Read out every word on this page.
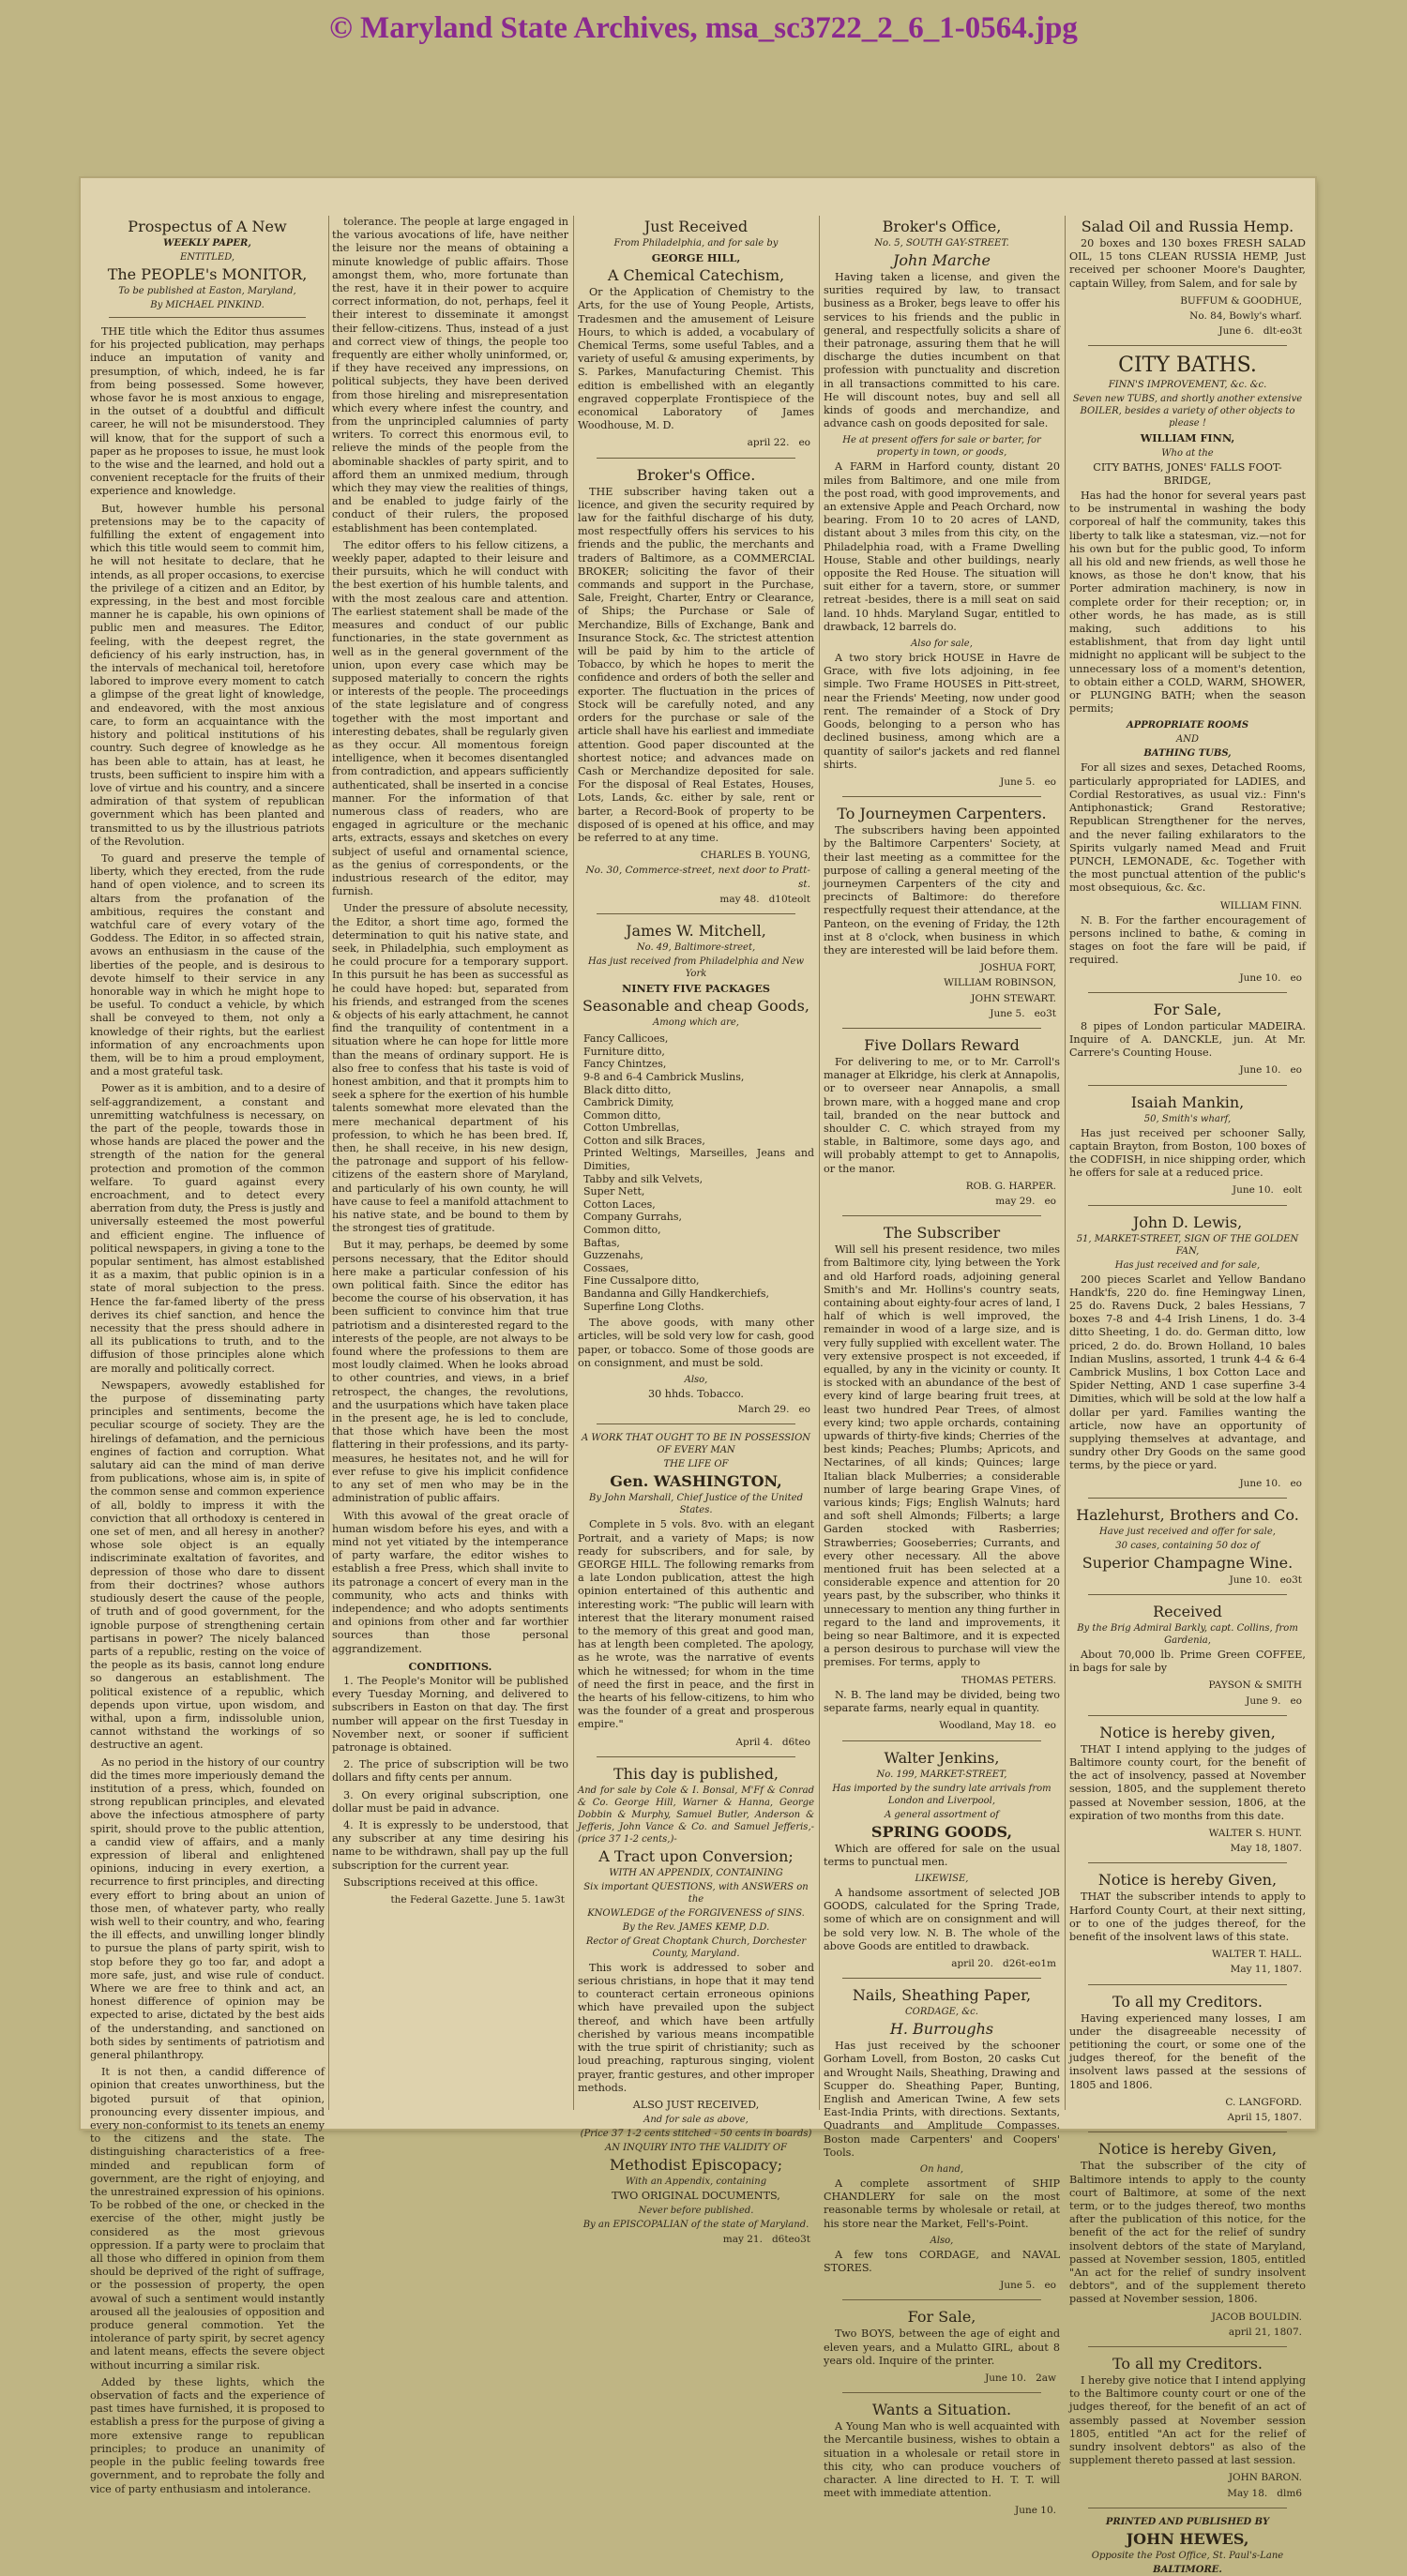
© Maryland State Archives, msa_sc3722_2_6_1-0564.jpg
Prospectus of A New
WEEKLY PAPER,
ENTITLED,
The PEOPLE's MONITOR,
To be published at Easton, Maryland,
By MICHAEL PINKIND.

THE title which the Editor thus assumes for his projected publication, may perhaps induce an imputation of vanity and presumption, of which, indeed, he is far from being possessed. Some however, whose favor he is most anxious to engage, in the outset of a doubtful and difficult career, he will not be misunderstood. They will know, that for the support of such a paper as he proposes to issue, he must look to the wise and the learned, and hold out a convenient receptacle for the fruits of their experience and knowledge.

But, however humble his personal pretensions may be to the capacity of fulfilling the extent of engagement into which this title would seem to commit him, he will not hesitate to declare, that he intends, as all proper occasions, to exercise the privilege of a citizen and an Editor, by expressing, in the best and most forcible manner he is capable, his own opinions of public men and measures. The Editor, feeling, with the deepest regret, the deficiency of his early instruction, has, in the intervals of mechanical toil, heretofore labored to improve every moment to catch a glimpse of the great light of knowledge, and endeavored, with the most anxious care, to form an acquaintance with the history and political institutions of his country. Such degree of knowledge as he has been able to attain, has at least, he trusts, been sufficient to inspire him with a love of virtue and his country, and a sincere admiration of that system of republican government which has been planted and transmitted to us by the illustrious patriots of the Revolution.

To guard and preserve the temple of liberty, which they erected, from the rude hand of open violence, and to screen its altars from the profanation of the ambitious, requires the constant and watchful care of every votary of the Goddess. The Editor, in so affected strain, avows an enthusiasm in the cause of the liberties of the people, and is desirous to devote himself to their service in any honorable way in which he might hope to be useful. To conduct a vehicle, by which shall be conveyed to them, not only a knowledge of their rights, but the earliest information of any encroachments upon them, will be to him a proud employment, and a most grateful task.

Power as it is ambition, and to a desire of self-aggrandizement, a constant and unremitting watchfulness is necessary, on the part of the people, towards those in whose hands are placed the power and the strength of the nation for the general protection and promotion of the common welfare. To guard against every encroachment, and to detect every aberration from duty, the Press is justly and universally esteemed the most powerful and efficient engine. The influence of political newspapers, in giving a tone to the popular sentiment, has almost established it as a maxim, that public opinion is in a state of moral subjection to the press. Hence the far-famed liberty of the press derives its chief sanction, and hence the necessity that the press should adhere in all its publications to truth, and to the diffusion of those principles alone which are morally and politically correct.

Newspapers, avowedly established for the purpose of disseminating party principles and sentiments, become the peculiar scourge of society. They are the hirelings of defamation, and the pernicious engines of faction and corruption. What salutary aid can the mind of man derive from publications, whose aim is, in spite of the common sense and common experience of all, boldly to impress it with the conviction that all orthodoxy is centered in one set of men, and all heresy in another? whose sole object is an equally indiscriminate exaltation of favorites, and depression of those who dare to dissent from their doctrines? whose authors studiously desert the cause of the people, of truth and of good government, for the ignoble purpose of strengthening certain partisans in power? The nicely balanced parts of a republic, resting on the voice of the people as its basis, cannot long endure so dangerous an establishment. The political existence of a republic, which depends upon virtue, upon wisdom, and withal, upon a firm, indissoluble union, cannot withstand the workings of so destructive an agent.

As no period in the history of our country did the times more imperiously demand the institution of a press, which, founded on strong republican principles, and elevated above the infectious atmosphere of party spirit, should prove to the public attention, a candid view of affairs, and a manly expression of liberal and enlightened opinions, inducing in every exertion, a recurrence to first principles, and directing every effort to bring about an union of those men, of whatever party, who really wish well to their country, and who, fearing the ill effects, and unwilling longer blindly to pursue the plans of party spirit, wish to stop before they go too far, and adopt a more safe, just, and wise rule of conduct. Where we are free to think and act, an honest difference of opinion may be expected to arise, dictated by the best aids of the understanding, and sanctioned on both sides by sentiments of patriotism and general philanthropy.

It is not then, a candid difference of opinion that creates unworthiness, but the bigoted pursuit of that opinion, pronouncing every dissenter impious, and every non-conformist to its tenets an enemy to the citizens and the state. The distinguishing characteristics of a free-minded and republican form of government, are the right of enjoying, and the unrestrained expression of his opinions. To be robbed of the one, or checked in the exercise of the other, might justly be considered as the most grievous oppression. If a party were to proclaim that all those who differed in opinion from them should be deprived of the right of suffrage, or the possession of property, the open avowal of such a sentiment would instantly aroused all the jealousies of opposition and produce general commotion. Yet the intolerance of party spirit, by secret agency and latent means, effects the severe object without incurring a similar risk.

Added by these lights, which the observation of facts and the experience of past times have furnished, it is proposed to establish a press for the purpose of giving a more extensive range to republican principles; to produce an unanimity of people in the public feeling towards free government, and to reprobate the folly and vice of party enthusiasm and intolerance.

tolerance. The people at large engaged in the various avocations of life, have neither the leisure nor the means of obtaining a minute knowledge of public affairs. Those amongst them, who, more fortunate than the rest, have it in their power to acquire correct information, do not, perhaps, feel it their interest to disseminate it amongst their fellow-citizens. Thus, instead of a just and correct view of things, the people too frequently are either wholly uninformed, or, if they have received any impressions, on political subjects, they have been derived from those hireling and misrepresentation which every where infest the country, and from the unprincipled calumnies of party writers. To correct this enormous evil, to relieve the minds of the people from the abominable shackles of party spirit, and to afford them an unmixed medium, through which they may view the realities of things, and be enabled to judge fairly of the conduct of their rulers, the proposed establishment has been contemplated.

The editor offers to his fellow citizens, a weekly paper, adapted to their leisure and their pursuits, which he will conduct with the best exertion of his humble talents, and with the most zealous care and attention. The earliest statement shall be made of the measures and conduct of our public functionaries, in the state government as well as in the general government of the union, upon every case which may be supposed materially to concern the rights or interests of the people. The proceedings of the state legislature and of congress together with the most important and interesting debates, shall be regularly given as they occur. All momentous foreign intelligence, when it becomes disentangled from contradiction, and appears sufficiently authenticated, shall be inserted in a concise manner. For the information of that numerous class of readers, who are engaged in agriculture or the mechanic arts, extracts, essays and sketches on every subject of useful and ornamental science, as the genius of correspondents, or the industrious research of the editor, may furnish.

Under the pressure of absolute necessity, the Editor, a short time ago, formed the determination to quit his native state, and seek, in Philadelphia, such employment as he could procure for a temporary support. In this pursuit he has been as successful as he could have hoped: but, separated from his friends, and estranged from the scenes & objects of his early attachment, he cannot find the tranquility of contentment in a situation where he can hope for little more than the means of ordinary support. He is also free to confess that his taste is void of honest ambition, and that it prompts him to seek a sphere for the exertion of his humble talents somewhat more elevated than the mere mechanical department of his profession, to which he has been bred. If, then, he shall receive, in his new design, the patronage and support of his fellow-citizens of the eastern shore of Maryland, and particularly of his own county, he will have cause to feel a manifold attachment to his native state, and be bound to them by the strongest ties of gratitude.

But it may, perhaps, be deemed by some persons necessary, that the Editor should here make a particular confession of his own political faith. Since the editor has become the course of his observation, it has been sufficient to convince him that true patriotism and a disinterested regard to the interests of the people, are not always to be found where the professions to them are most loudly claimed. When he looks abroad to other countries, and views, in a brief retrospect, the changes, the revolutions, and the usurpations which have taken place in the present age, he is led to conclude, that those which have been the most flattering in their professions, and its party-measures, he hesitates not, and he will for ever refuse to give his implicit confidence to any set of men who may be in the administration of public affairs.

With this avowal of the great oracle of human wisdom before his eyes, and with a mind not yet vitiated by the intemperance of party warfare, the editor wishes to establish a free Press, which shall invite to its patronage a concert of every man in the community, who acts and thinks with independence; and who adopts sentiments and opinions from other and far worthier sources than those personal aggrandizement.

CONDITIONS.

1. The People's Monitor will be published every Tuesday Morning, and delivered to subscribers in Easton on that day. The first number will appear on the first Tuesday in November next, or sooner if sufficient patronage is obtained.

2. The price of subscription will be two dollars and fifty cents per annum.

3. On every original subscription, one dollar must be paid in advance.

4. It is expressly to be understood, that any subscriber at any time desiring his name to be withdrawn, shall pay up the full subscription for the current year.

Subscriptions received at this office.

the Federal Gazette. June 5. 1aw3t
Just Received
From Philadelphia, and for sale by
GEORGE HILL,
A Chemical Catechism,

Or the Application of Chemistry to the Arts, for the use of Young People, Artists, Tradesmen and the amusement of Leisure Hours, to which is added, a vocabulary of Chemical Terms, some useful Tables, and a variety of useful & amusing experiments, by S. Parkes, Manufacturing Chemist. This edition is embellished with an elegantly engraved copperplate Frontispiece of the economical Laboratory of James Woodhouse, M. D.

april 22. eo
Broker's Office.

THE subscriber having taken out a licence, and given the security required by law for the faithful discharge of his duty, most respectfully offers his services to his friends and the public, the merchants and traders of Baltimore, as a COMMERCIAL BROKER; soliciting the favor of their commands and support in the Purchase, Sale, Freight, Charter, Entry or Clearance, of Ships; the Purchase or Sale of Merchandize, Bills of Exchange, Bank and Insurance Stock, &c. The strictest attention will be paid by him to the article of Tobacco, by which he hopes to merit the confidence and orders of both the seller and exporter. The fluctuation in the prices of Stock will be carefully noted, and any orders for the purchase or sale of the article shall have his earliest and immediate attention. Good paper discounted at the shortest notice; and advances made on Cash or Merchandize deposited for sale. For the disposal of Real Estates, Houses, Lots, Lands, &c. either by sale, rent or barter, a Record-Book of property to be disposed of is opened at his office, and may be referred to at any time.

CHARLES B. YOUNG,
No. 30, Commerce-street, next door to Pratt-st.
may 48. d10teolt
James W. Mitchell,
No. 49, Baltimore-street,
Has just received from Philadelphia and New York
NINETY FIVE PACKAGES
Seasonable and cheap Goods,
Among which are,
Fancy Callicoes,
Furniture ditto,
Fancy Chintzes,
9-8 and 6-4 Cambrick Muslins,
Black ditto ditto,
Cambrick Dimity,
Common ditto,
Cotton Umbrellas,
Cotton and silk Braces,
Printed Weltings, Marseilles, Jeans and Dimities,
Tabby and silk Velvets,
Super Nett,
Cotton Laces,
Company Gurrahs,
Common ditto,
Baftas,
Guzzenahs,
Cossaes,
Fine Cussalpore ditto,
Bandanna and Gilly Handkerchiefs,
Superfine Long Cloths.

The above goods, with many other articles, will be sold very low for cash, good paper, or tobacco. Some of those goods are on consignment, and must be sold.

Also,
30 hhds. Tobacco.
March 29. eo
A WORK THAT OUGHT TO BE IN POSSESSION OF EVERY MAN
THE LIFE OF
Gen. WASHINGTON,
By John Marshall, Chief Justice of the United States.

Complete in 5 vols. 8vo. with an elegant Portrait, and a variety of Maps; is now ready for subscribers, and for sale, by GEORGE HILL. The following remarks from a late London publication, attest the high opinion entertained of this authentic and interesting work: "The public will learn with interest that the literary monument raised to the memory of this great and good man, has at length been completed. The apology, as he wrote, was the narrative of events which he witnessed; for whom in the time of need the first in peace, and the first in the hearts of his fellow-citizens, to him who was the founder of a great and prosperous empire."

April 4. d6teo
This day is published,
And for sale by Cole & I. Bonsal, M'Ff & Conrad & Co. George Hill, Warner & Hanna, George Dobbin & Murphy, Samuel Butler, Anderson & Jefferis, John Vance & Co. and Samuel Jefferis,- (price 37 1-2 cents,)-
A Tract upon Conversion;
WITH AN APPENDIX, CONTAINING
Six important QUESTIONS, with ANSWERS on the
KNOWLEDGE of the FORGIVENESS of SINS.
By the Rev. JAMES KEMP, D.D.
Rector of Great Choptank Church, Dorchester County, Maryland.

This work is addressed to sober and serious christians, in hope that it may tend to counteract certain erroneous opinions which have prevailed upon the subject thereof, and which have been artfully cherished by various means incompatible with the true spirit of christianity; such as loud preaching, rapturous singing, violent prayer, frantic gestures, and other improper methods.

ALSO JUST RECEIVED,
And for sale as above,
(Price 37 1-2 cents stitched - 50 cents in boards)
AN INQUIRY INTO THE VALIDITY OF
Methodist Episcopacy;
With an Appendix, containing
TWO ORIGINAL DOCUMENTS,
Never before published.
By an EPISCOPALIAN of the state of Maryland.
may 21. d6teo3t
Broker's Office,
No. 5, SOUTH GAY-STREET.
John Marche

Having taken a license, and given the surities required by law, to transact business as a Broker, begs leave to offer his services to his friends and the public in general, and respectfully solicits a share of their patronage, assuring them that he will discharge the duties incumbent on that profession with punctuality and discretion in all transactions committed to his care. He will discount notes, buy and sell all kinds of goods and merchandize, and advance cash on goods deposited for sale.

He at present offers for sale or barter, for property in town, or goods,

A FARM in Harford county, distant 20 miles from Baltimore, and one mile from the post road, with good improvements, and an extensive Apple and Peach Orchard, now bearing. From 10 to 20 acres of LAND, distant about 3 miles from this city, on the Philadelphia road, with a Frame Dwelling House, Stable and other buildings, nearly opposite the Red House. The situation will suit either for a tavern, store, or summer retreat -besides, there is a mill seat on said land. 10 hhds. Maryland Sugar, entitled to drawback, 12 barrels do.

Also for sale,

A two story brick HOUSE in Havre de Grace, with five lots adjoining, in fee simple. Two Frame HOUSES in Pitt-street, near the Friends' Meeting, now under good rent. The remainder of a Stock of Dry Goods, belonging to a person who has declined business, among which are a quantity of sailor's jackets and red flannel shirts.

June 5. eo
To Journeymen Carpenters.

The subscribers having been appointed by the Baltimore Carpenters' Society, at their last meeting as a committee for the purpose of calling a general meeting of the journeymen Carpenters of the city and precincts of Baltimore: do therefore respectfully request their attendance, at the Panteon, on the evening of Friday, the 12th inst at 8 o'clock, when business in which they are interested will be laid before them.

JOSHUA FORT,
WILLIAM ROBINSON,
JOHN STEWART.
June 5. eo3t
Five Dollars Reward

For delivering to me, or to Mr. Carroll's manager at Elkridge, his clerk at Annapolis, or to overseer near Annapolis, a small brown mare, with a hogged mane and crop tail, branded on the near buttock and shoulder C. C. which strayed from my stable, in Baltimore, some days ago, and will probably attempt to get to Annapolis, or the manor.

ROB. G. HARPER.
may 29. eo
The Subscriber

Will sell his present residence, two miles from Baltimore city, lying between the York and old Harford roads, adjoining general Smith's and Mr. Hollins's country seats, containing about eighty-four acres of land, I half of which is well improved, the remainder in wood of a large size, and is very fully supplied with excellent water. The very extensive prospect is not exceeded, if equalled, by any in the vicinity or county. It is stocked with an abundance of the best of every kind of large bearing fruit trees, at least two hundred Pear Trees, of almost every kind; two apple orchards, containing upwards of thirty-five kinds; Cherries of the best kinds; Peaches; Plumbs; Apricots, and Nectarines, of all kinds; Quinces; large Italian black Mulberries; a considerable number of large bearing Grape Vines, of various kinds; Figs; English Walnuts; hard and soft shell Almonds; Filberts; a large Garden stocked with Rasberries; Strawberries; Gooseberries; Currants, and every other necessary. All the above mentioned fruit has been selected at a considerable expence and attention for 20 years past, by the subscriber, who thinks it unnecessary to mention any thing further in regard to the land and improvements, it being so near Baltimore, and it is expected a person desirous to purchase will view the premises. For terms, apply to

THOMAS PETERS.

N. B. The land may be divided, being two separate farms, nearly equal in quantity.

Woodland, May 18. eo
Walter Jenkins,
No. 199, MARKET-STREET,
Has imported by the sundry late arrivals from London and Liverpool,
A general assortment of
SPRING GOODS,

Which are offered for sale on the usual terms to punctual men.

LIKEWISE,

A handsome assortment of selected JOB GOODS, calculated for the Spring Trade, some of which are on consignment and will be sold very low. N. B. The whole of the above Goods are entitled to drawback.

april 20. d26t-eo1m
Nails, Sheathing Paper,
CORDAGE, &c.
H. Burroughs

Has just received by the schooner Gorham Lovell, from Boston, 20 casks Cut and Wrought Nails, Sheathing, Drawing and Scupper do. Sheathing Paper, Bunting, English and American Twine, A few sets East-India Prints, with directions. Sextants, Quadrants and Amplitude Compasses. Boston made Carpenters' and Coopers' Tools.

On hand,

A complete assortment of SHIP CHANDLERY for sale on the most reasonable terms by wholesale or retail, at his store near the Market, Fell's-Point.

Also,

A few tons CORDAGE, and NAVAL STORES.

June 5. eo
For Sale,

Two BOYS, between the age of eight and eleven years, and a Mulatto GIRL, about 8 years old. Inquire of the printer.

June 10. 2aw
Wants a Situation.

A Young Man who is well acquainted with the Mercantile business, wishes to obtain a situation in a wholesale or retail store in this city, who can produce vouchers of character. A line directed to H. T. T. will meet with immediate attention.

June 10.
Salad Oil and Russia Hemp.

20 boxes and 130 boxes FRESH SALAD OIL, 15 tons CLEAN RUSSIA HEMP, Just received per schooner Moore's Daughter, captain Willey, from Salem, and for sale by

BUFFUM & GOODHUE,
No. 84, Bowly's wharf.
June 6. dlt-eo3t
CITY BATHS.
FINN'S IMPROVEMENT, &c. &c.
Seven new TUBS, and shortly another extensive BOILER, besides a variety of other objects to please !
WILLIAM FINN,
Who at the
CITY BATHS, JONES' FALLS FOOT-BRIDGE,

Has had the honor for several years past to be instrumental in washing the body corporeal of half the community, takes this liberty to talk like a statesman, viz.—not for his own but for the public good, To inform all his old and new friends, as well those he knows, as those he don't know, that his Porter admiration machinery, is now in complete order for their reception; or, in other words, he has made, as is still making, such additions to his establishment, that from day light until midnight no applicant will be subject to the unnecessary loss of a moment's detention, to obtain either a COLD, WARM, SHOWER, or PLUNGING BATH; when the season permits;

APPROPRIATE ROOMS
AND
BATHING TUBS,

For all sizes and sexes, Detached Rooms, particularly appropriated for LADIES, and Cordial Restoratives, as usual viz.: Finn's Antiphonastick; Grand Restorative; Republican Strengthener for the nerves, and the never failing exhilarators to the Spirits vulgarly named Mead and Fruit PUNCH, LEMONADE, &c. Together with the most punctual attention of the public's most obsequious, &c. &c.

WILLIAM FINN.

N. B. For the farther encouragement of persons inclined to bathe, & coming in stages on foot the fare will be paid, if required.

June 10. eo
For Sale,

8 pipes of London particular MADEIRA. Inquire of A. DANCKLE, jun. At Mr. Carrere's Counting House.

June 10. eo
Isaiah Mankin,
50, Smith's wharf,

Has just received per schooner Sally, captain Brayton, from Boston, 100 boxes of the CODFISH, in nice shipping order, which he offers for sale at a reduced price.

June 10. eolt
John D. Lewis,
51, MARKET-STREET, SIGN OF THE GOLDEN FAN,
Has just received and for sale,

200 pieces Scarlet and Yellow Bandano Handk'fs, 220 do. fine Hemingway Linen, 25 do. Ravens Duck, 2 bales Hessians, 7 boxes 7-8 and 4-4 Irish Linens, 1 do. 3-4 ditto Sheeting, 1 do. do. German ditto, low priced, 2 do. do. Brown Holland, 10 bales Indian Muslins, assorted, 1 trunk 4-4 & 6-4 Cambrick Muslins, 1 box Cotton Lace and Spider Netting, AND 1 case superfine 3-4 Dimities, which will be sold at the low half a dollar per yard. Families wanting the article, now have an opportunity of supplying themselves at advantage, and sundry other Dry Goods on the same good terms, by the piece or yard.

June 10. eo
Hazlehurst, Brothers and Co.
Have just received and offer for sale,
30 cases, containing 50 doz of
Superior Champagne Wine.
June 10. eo3t
Received
By the Brig Admiral Barkly, capt. Collins, from Gardenia,

About 70,000 lb. Prime Green COFFEE, in bags for sale by

PAYSON & SMITH
June 9. eo
Notice is hereby given,

THAT I intend applying to the judges of Baltimore county court, for the benefit of the act of insolvency, passed at November session, 1805, and the supplement thereto passed at November session, 1806, at the expiration of two months from this date.

WALTER S. HUNT.
May 18, 1807.
Notice is hereby Given,

THAT the subscriber intends to apply to Harford County Court, at their next sitting, or to one of the judges thereof, for the benefit of the insolvent laws of this state.

WALTER T. HALL.
May 11, 1807.
To all my Creditors.

Having experienced many losses, I am under the disagreeable necessity of petitioning the court, or some one of the judges thereof, for the benefit of the insolvent laws passed at the sessions of 1805 and 1806.

C. LANGFORD.
April 15, 1807.
Notice is hereby Given,

That the subscriber of the city of Baltimore intends to apply to the county court of Baltimore, at some of the next term, or to the judges thereof, two months after the publication of this notice, for the benefit of the act for the relief of sundry insolvent debtors of the state of Maryland, passed at November session, 1805, entitled "An act for the relief of sundry insolvent debtors", and of the supplement thereto passed at November session, 1806.

JACOB BOULDIN.
april 21, 1807.
To all my Creditors.

I hereby give notice that I intend applying to the Baltimore county court or one of the judges thereof, for the benefit of an act of assembly passed at November session 1805, entitled "An act for the relief of sundry insolvent debtors" as also of the supplement thereto passed at last session.

JOHN BARON.
May 18. dlm6
PRINTED AND PUBLISHED BY
JOHN HEWES,
Opposite the Post Office, St. Paul's-Lane
BALTIMORE.
